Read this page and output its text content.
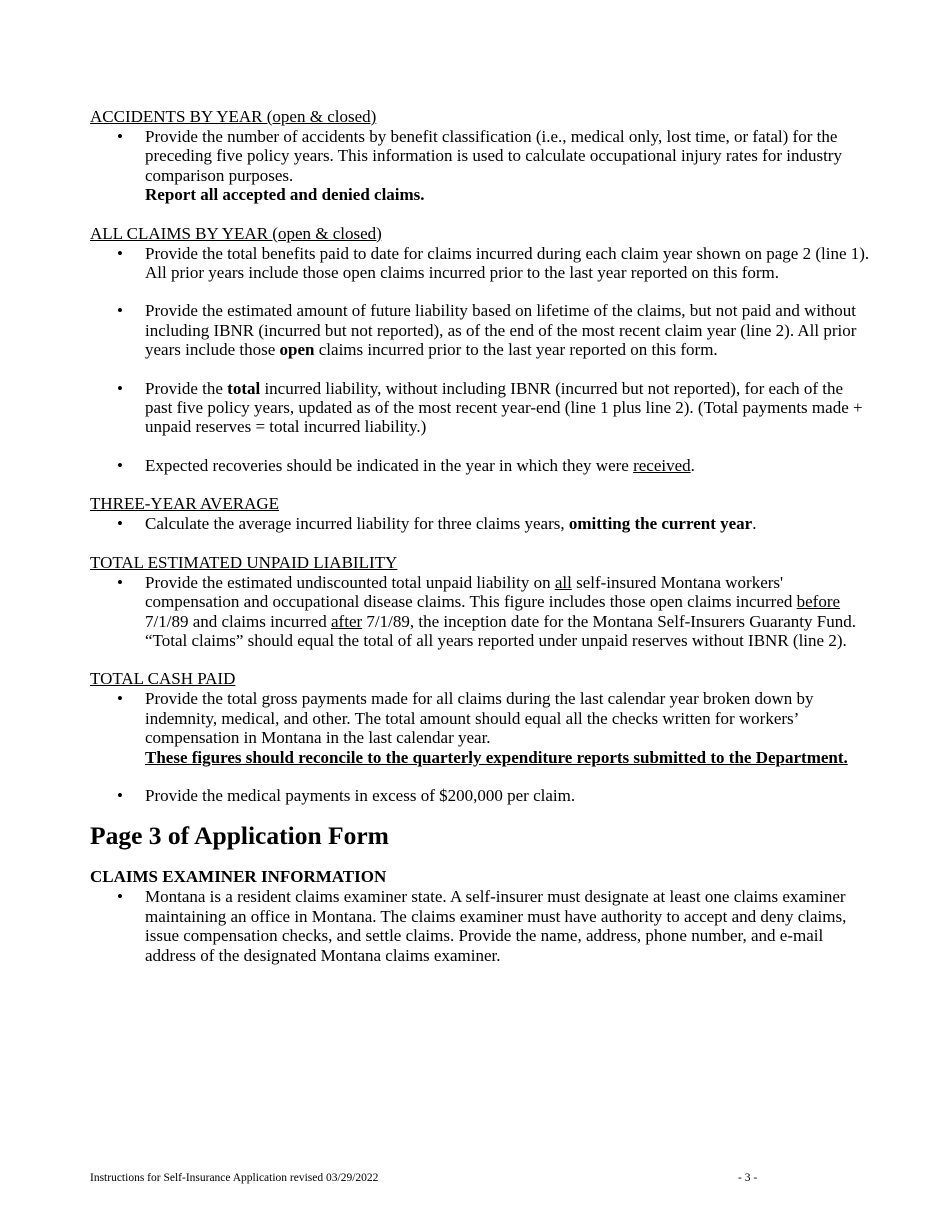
ACCIDENTS BY YEAR (open & closed)
• Provide the number of accidents by benefit classification (i.e., medical only, lost time, or fatal) for the preceding five policy years. This information is used to calculate occupational injury rates for industry comparison purposes.
Report all accepted and denied claims.
ALL CLAIMS BY YEAR (open & closed)
• Provide the total benefits paid to date for claims incurred during each claim year shown on page 2 (line 1). All prior years include those open claims incurred prior to the last year reported on this form.
• Provide the estimated amount of future liability based on lifetime of the claims, but not paid and without including IBNR (incurred but not reported), as of the end of the most recent claim year (line 2). All prior years include those open claims incurred prior to the last year reported on this form.
• Provide the total incurred liability, without including IBNR (incurred but not reported), for each of the past five policy years, updated as of the most recent year-end (line 1 plus line 2). (Total payments made + unpaid reserves = total incurred liability.)
• Expected recoveries should be indicated in the year in which they were received.
THREE-YEAR AVERAGE
• Calculate the average incurred liability for three claims years, omitting the current year.
TOTAL ESTIMATED UNPAID LIABILITY
• Provide the estimated undiscounted total unpaid liability on all self-insured Montana workers' compensation and occupational disease claims. This figure includes those open claims incurred before 7/1/89 and claims incurred after 7/1/89, the inception date for the Montana Self-Insurers Guaranty Fund. “Total claims” should equal the total of all years reported under unpaid reserves without IBNR (line 2).
TOTAL CASH PAID
• Provide the total gross payments made for all claims during the last calendar year broken down by indemnity, medical, and other. The total amount should equal all the checks written for workers’ compensation in Montana in the last calendar year.
These figures should reconcile to the quarterly expenditure reports submitted to the Department.
• Provide the medical payments in excess of $200,000 per claim.
Page 3 of Application Form
CLAIMS EXAMINER INFORMATION
• Montana is a resident claims examiner state. A self-insurer must designate at least one claims examiner maintaining an office in Montana. The claims examiner must have authority to accept and deny claims, issue compensation checks, and settle claims. Provide the name, address, phone number, and e-mail address of the designated Montana claims examiner.
Instructions for Self-Insurance Application revised 03/29/2022	- 3 -
